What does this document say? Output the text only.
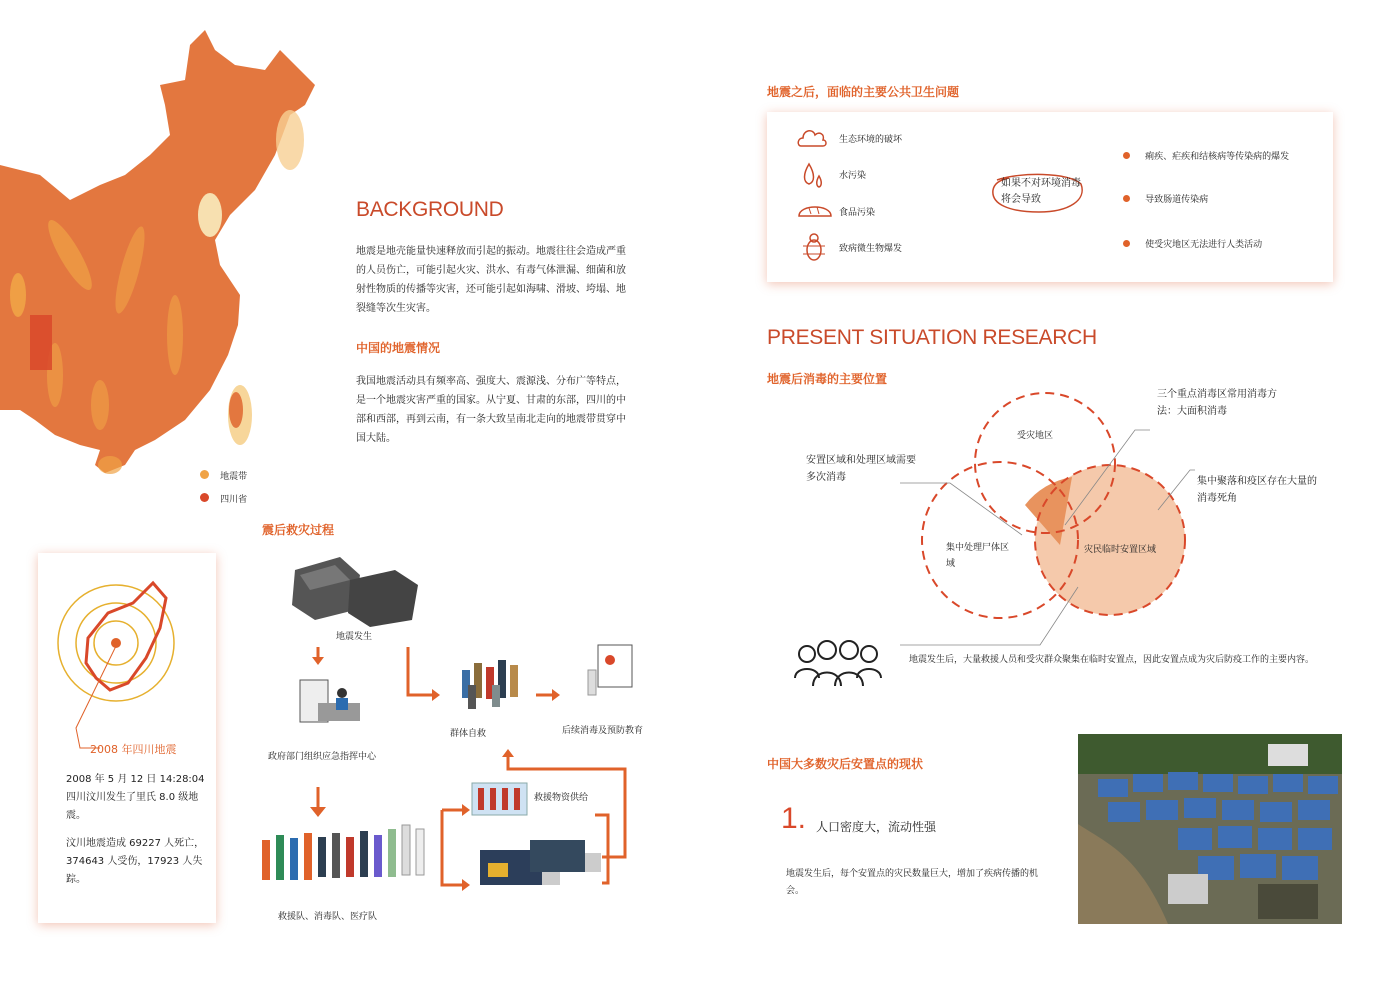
地震带
四川省
BACKGROUND
地震是地壳能量快速释放而引起的振动。地震往往会造成严重的人员伤亡，可能引起火灾、洪水、有毒气体泄漏、细菌和放射性物质的传播等灾害，还可能引起如海啸、滑坡、垮塌、地裂缝等次生灾害。
中国的地震情况
我国地震活动具有频率高、强度大、震源浅、分布广等特点，是一个地震灾害严重的国家。从宁夏、甘肃的东部，四川的中部和西部，再到云南，有一条大致呈南北走向的地震带贯穿中国大陆。
震后救灾过程
地震发生
政府部门组织应急指挥中心
群体自救	后续消毒及预防教育
救援物资供给
救援队、消毒队、医疗队
2008 年四川地震
2008 年 5 月 12 日 14:28:04 四川汶川发生了里氏 8.0 级地震。
汶川地震造成 69227 人死亡，374643 人受伤，17923 人失踪。
地震之后，面临的主要公共卫生问题
生态环境的破坏
水污染
食品污染
致病微生物爆发
如果不对环境消毒将会导致
痢疾、疟疾和结核病等传染病的爆发
导致肠道传染病
使受灾地区无法进行人类活动
PRESENT SITUATION RESEARCH
地震后消毒的主要位置
受灾地区
集中处理尸体区域
灾民临时安置区域
三个重点消毒区常用消毒方法：大面积消毒
安置区域和处理区域需要多次消毒	集中聚落和疫区存在大量的消毒死角
地震发生后，大量救援人员和受灾群众聚集在临时安置点，因此安置点成为灾后防疫工作的主要内容。
中国大多数灾后安置点的现状
1. 人口密度大，流动性强
地震发生后，每个安置点的灾民数量巨大，增加了疾病传播的机会。
